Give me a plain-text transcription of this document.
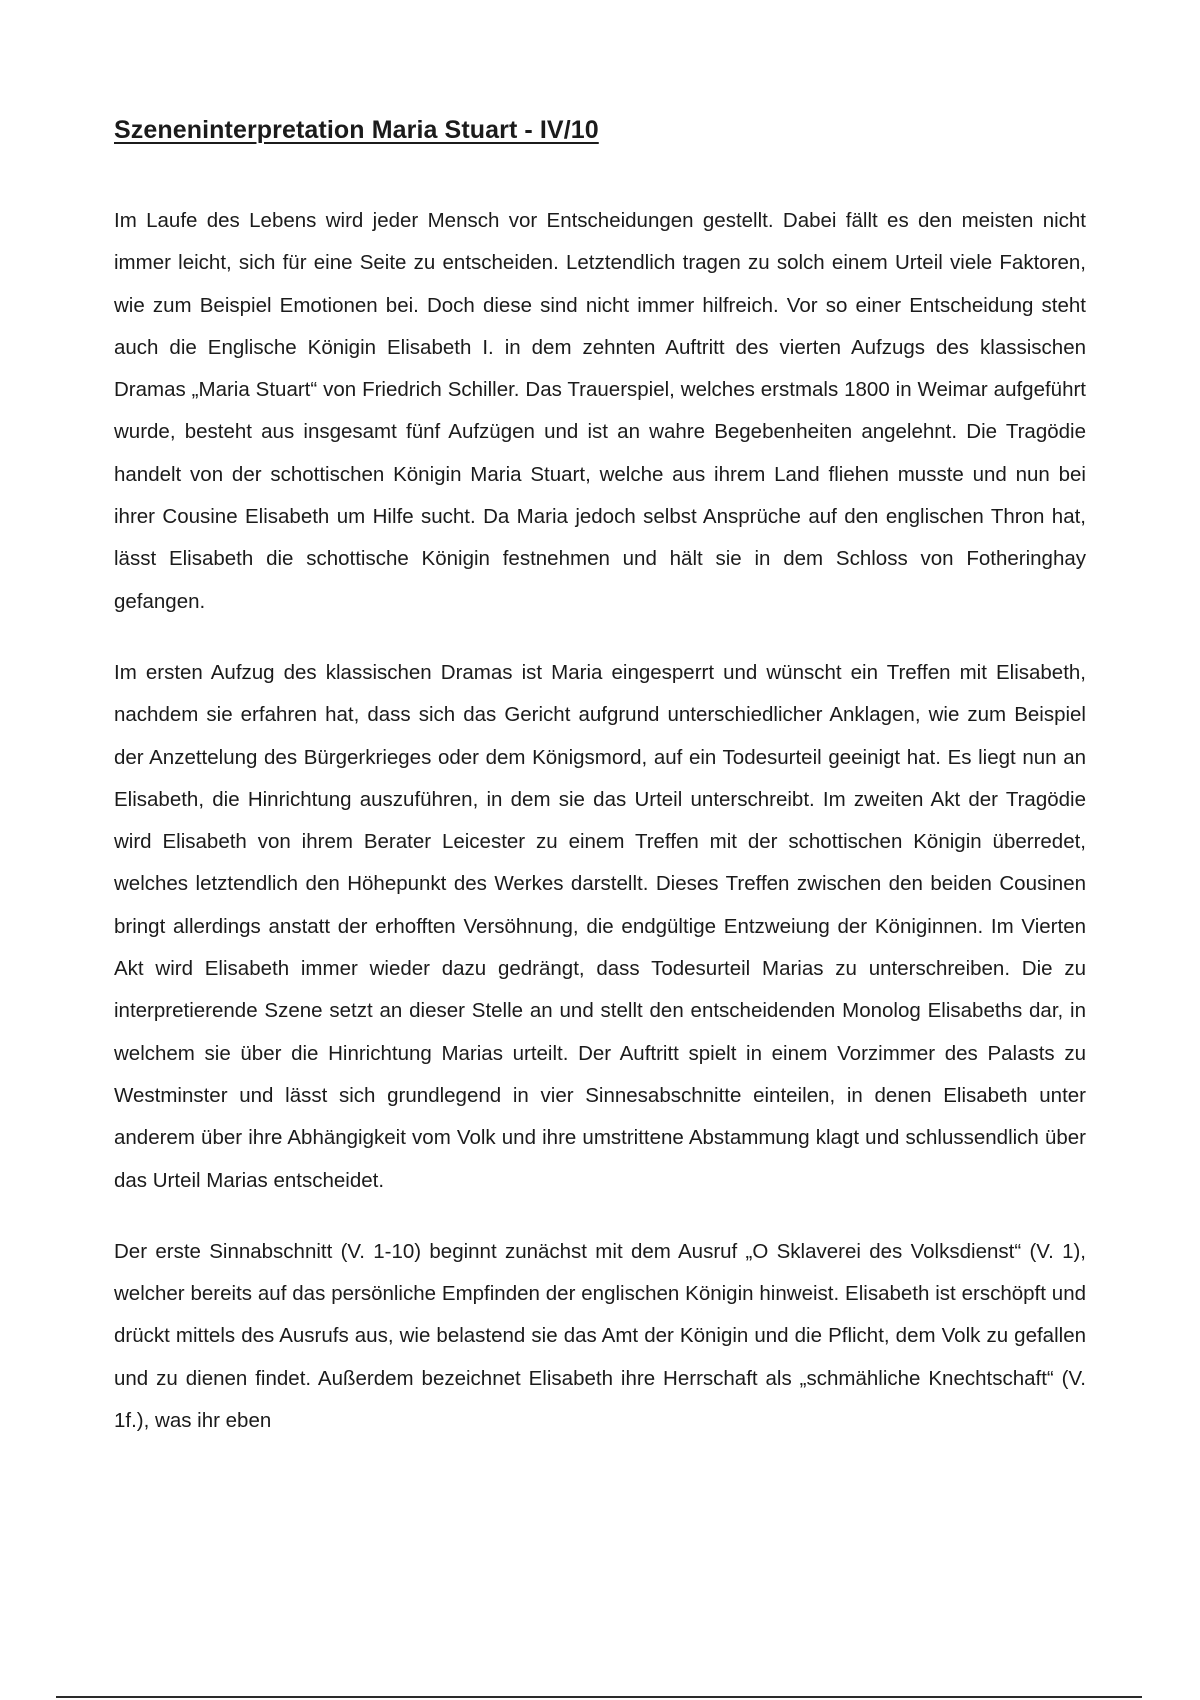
Szeneninterpretation Maria Stuart - IV/10

Im Laufe des Lebens wird jeder Mensch vor Entscheidungen gestellt. Dabei fällt es den meisten nicht immer leicht, sich für eine Seite zu entscheiden. Letztendlich tragen zu solch einem Urteil viele Faktoren, wie zum Beispiel Emotionen bei. Doch diese sind nicht immer hilfreich. Vor so einer Entscheidung steht auch die Englische Königin Elisabeth I. in dem zehnten Auftritt des vierten Aufzugs des klassischen Dramas „Maria Stuart“ von Friedrich Schiller. Das Trauerspiel, welches erstmals 1800 in Weimar aufgeführt wurde, besteht aus insgesamt fünf Aufzügen und ist an wahre Begebenheiten angelehnt. Die Tragödie handelt von der schottischen Königin Maria Stuart, welche aus ihrem Land fliehen musste und nun bei ihrer Cousine Elisabeth um Hilfe sucht. Da Maria jedoch selbst Ansprüche auf den englischen Thron hat, lässt Elisabeth die schottische Königin festnehmen und hält sie in dem Schloss von Fotheringhay gefangen.

Im ersten Aufzug des klassischen Dramas ist Maria eingesperrt und wünscht ein Treffen mit Elisabeth, nachdem sie erfahren hat, dass sich das Gericht aufgrund unterschiedlicher Anklagen, wie zum Beispiel der Anzettelung des Bürgerkrieges oder dem Königsmord, auf ein Todesurteil geeinigt hat. Es liegt nun an Elisabeth, die Hinrichtung auszuführen, in dem sie das Urteil unterschreibt. Im zweiten Akt der Tragödie wird Elisabeth von ihrem Berater Leicester zu einem Treffen mit der schottischen Königin überredet, welches letztendlich den Höhepunkt des Werkes darstellt. Dieses Treffen zwischen den beiden Cousinen bringt allerdings anstatt der erhofften Versöhnung, die endgültige Entzweiung der Königinnen. Im Vierten Akt wird Elisabeth immer wieder dazu gedrängt, dass Todesurteil Marias zu unterschreiben. Die zu interpretierende Szene setzt an dieser Stelle an und stellt den entscheidenden Monolog Elisabeths dar, in welchem sie über die Hinrichtung Marias urteilt. Der Auftritt spielt in einem Vorzimmer des Palasts zu Westminster und lässt sich grundlegend in vier Sinnesabschnitte einteilen, in denen Elisabeth unter anderem über ihre Abhängigkeit vom Volk und ihre umstrittene Abstammung klagt und schlussendlich über das Urteil Marias entscheidet.

Der erste Sinnabschnitt (V. 1-10) beginnt zunächst mit dem Ausruf „O Sklaverei des Volksdienst“ (V. 1), welcher bereits auf das persönliche Empfinden der englischen Königin hinweist. Elisabeth ist erschöpft und drückt mittels des Ausrufs aus, wie belastend sie das Amt der Königin und die Pflicht, dem Volk zu gefallen und zu dienen findet. Außerdem bezeichnet Elisabeth ihre Herrschaft als „schmähliche Knechtschaft“ (V. 1f.), was ihr eben
